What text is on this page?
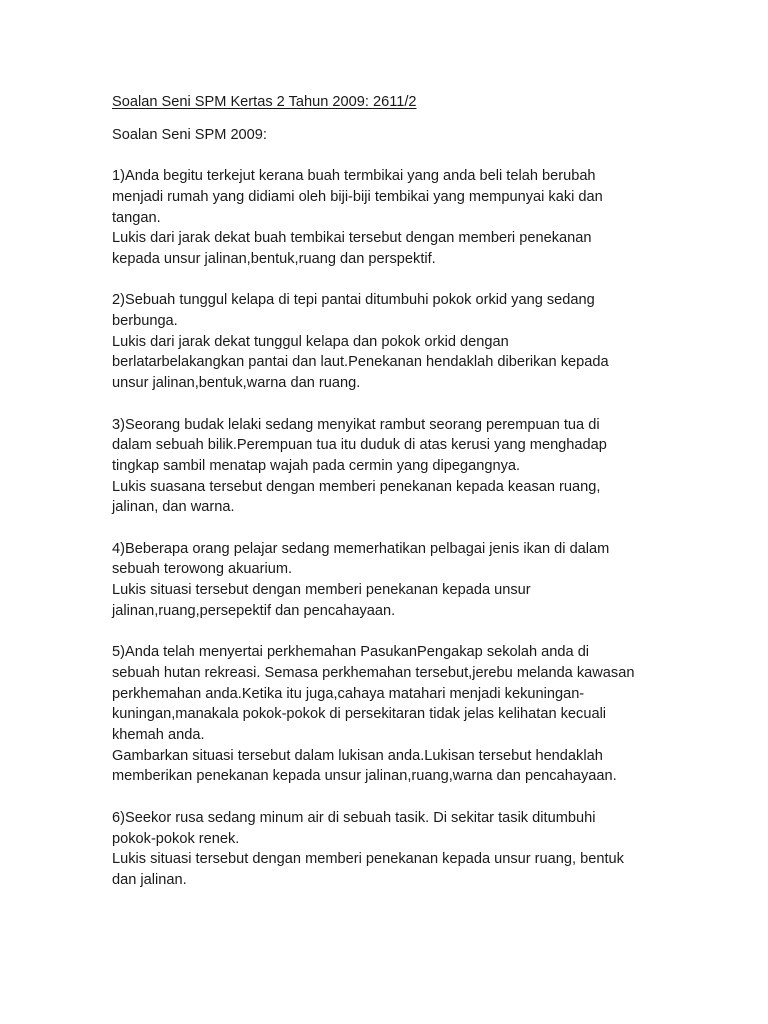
Soalan Seni SPM Kertas 2 Tahun 2009: 2611/2

Soalan Seni SPM 2009:

1)Anda begitu terkejut kerana buah termbikai yang anda beli telah berubah
menjadi rumah yang didiami oleh biji-biji tembikai yang mempunyai kaki dan
tangan.
Lukis dari jarak dekat buah tembikai tersebut dengan memberi penekanan
kepada unsur jalinan,bentuk,ruang dan perspektif.

2)Sebuah tunggul kelapa di tepi pantai ditumbuhi pokok orkid yang sedang
berbunga.
Lukis dari jarak dekat tunggul kelapa dan pokok orkid dengan
berlatarbelakangkan pantai dan laut.Penekanan hendaklah diberikan kepada
unsur jalinan,bentuk,warna dan ruang.

3)Seorang budak lelaki sedang menyikat rambut seorang perempuan tua di
dalam sebuah bilik.Perempuan tua itu duduk di atas kerusi yang menghadap
tingkap sambil menatap wajah pada cermin yang dipegangnya.
Lukis suasana tersebut dengan memberi penekanan kepada keasan ruang,
jalinan, dan warna.

4)Beberapa orang pelajar sedang memerhatikan pelbagai jenis ikan di dalam
sebuah terowong akuarium.
Lukis situasi tersebut dengan memberi penekanan kepada unsur
jalinan,ruang,persepektif dan pencahayaan.

5)Anda telah menyertai perkhemahan PasukanPengakap sekolah anda di
sebuah hutan rekreasi. Semasa perkhemahan tersebut,jerebu melanda kawasan
perkhemahan anda.Ketika itu juga,cahaya matahari menjadi kekuningan-
kuningan,manakala pokok-pokok di persekitaran tidak jelas kelihatan kecuali
khemah anda.
Gambarkan situasi tersebut dalam lukisan anda.Lukisan tersebut hendaklah
memberikan penekanan kepada unsur jalinan,ruang,warna dan pencahayaan.

6)Seekor rusa sedang minum air di sebuah tasik. Di sekitar tasik ditumbuhi
pokok-pokok renek.
Lukis situasi tersebut dengan memberi penekanan kepada unsur ruang, bentuk
dan jalinan.
